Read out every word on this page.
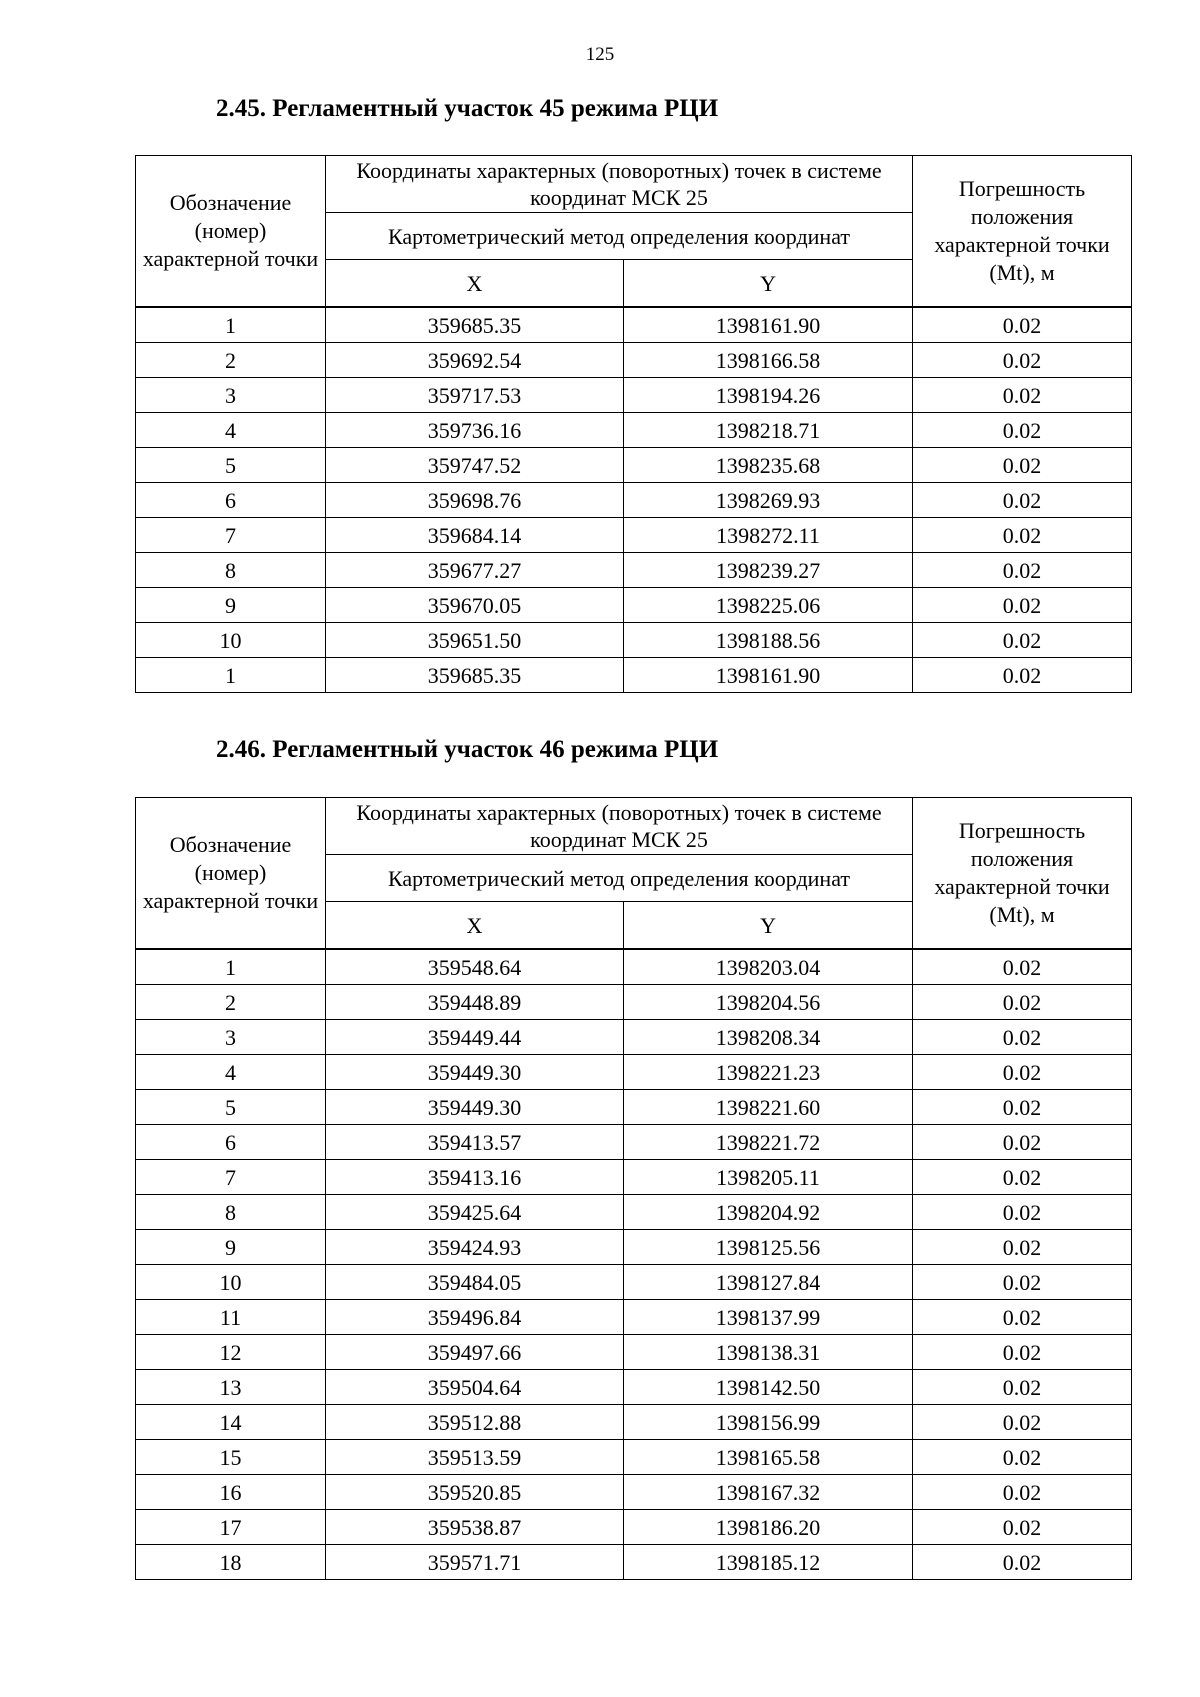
125
2.45. Регламентный участок 45 режима РЦИ
Обозначение (номер) характерной точки	Координаты характерных (поворотных) точек в системе координат МСК 25		Погрешность положения характерной точки (Mt), м
	Картометрический метод определения координат		
	X	Y	
1	359685.35	1398161.90	0.02
2	359692.54	1398166.58	0.02
3	359717.53	1398194.26	0.02
4	359736.16	1398218.71	0.02
5	359747.52	1398235.68	0.02
6	359698.76	1398269.93	0.02
7	359684.14	1398272.11	0.02
8	359677.27	1398239.27	0.02
9	359670.05	1398225.06	0.02
10	359651.50	1398188.56	0.02
1	359685.35	1398161.90	0.02
2.46. Регламентный участок 46 режима РЦИ
Обозначение (номер) характерной точки	Координаты характерных (поворотных) точек в системе координат МСК 25		Погрешность положения характерной точки (Mt), м
	Картометрический метод определения координат		
	X	Y	
1	359548.64	1398203.04	0.02
2	359448.89	1398204.56	0.02
3	359449.44	1398208.34	0.02
4	359449.30	1398221.23	0.02
5	359449.30	1398221.60	0.02
6	359413.57	1398221.72	0.02
7	359413.16	1398205.11	0.02
8	359425.64	1398204.92	0.02
9	359424.93	1398125.56	0.02
10	359484.05	1398127.84	0.02
11	359496.84	1398137.99	0.02
12	359497.66	1398138.31	0.02
13	359504.64	1398142.50	0.02
14	359512.88	1398156.99	0.02
15	359513.59	1398165.58	0.02
16	359520.85	1398167.32	0.02
17	359538.87	1398186.20	0.02
18	359571.71	1398185.12	0.02
